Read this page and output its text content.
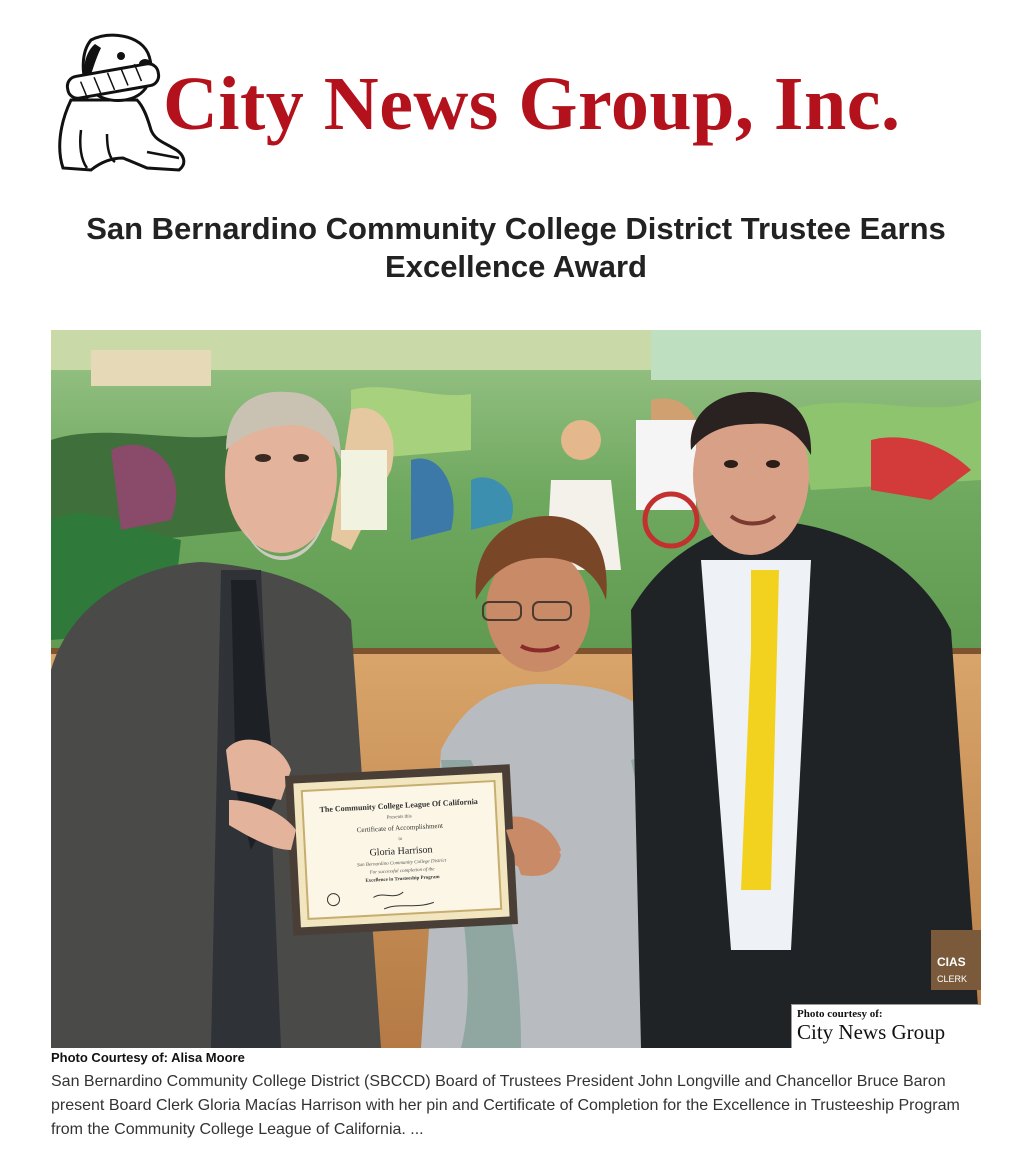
City News Group, Inc.
San Bernardino Community College District Trustee Earns Excellence Award
CIAS
CLERK
The Community College League Of California
Presents this
Certificate of Accomplishment
to
Gloria Harrison
San Bernardino Community College District
For successful completion of the
Excellence in Trusteeship Program
Photo courtesy of:
City News Group
Photo Courtesy of: Alisa Moore

San Bernardino Community College District (SBCCD) Board of Trustees President John Longville and Chancellor Bruce Baron present Board Clerk Gloria Macías Harrison with her pin and Certificate of Completion for the Excellence in Trusteeship Program from the Community College League of California. ...
